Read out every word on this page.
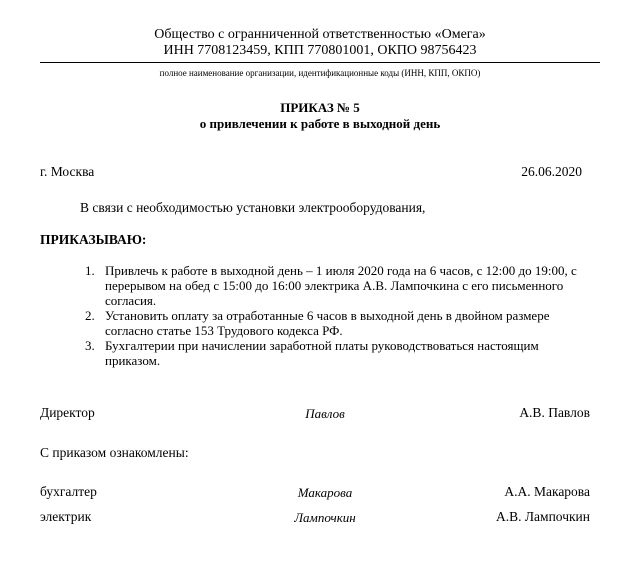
Общество с огранниченной ответственностью «Омега»
ИНН 7708123459, КПП 770801001, ОКПО 98756423
полное наименование организации, идентификационные коды (ИНН, КПП, ОКПО)
ПРИКАЗ № 5
о привлечении к работе в выходной день
г. Москва	26.06.2020
В связи с необходимостью установки электрооборудования,
ПРИКАЗЫВАЮ:
1. Привлечь к работе в выходной день – 1 июля 2020 года на 6 часов, с 12:00 до 19:00, с
перерывом на обед с 15:00 до 16:00 электрика А.В. Лампочкина с его письменного
согласия.
2. Установить оплату за отработанные 6 часов в выходной день в двойном размере
согласно статье 153 Трудового кодекса РФ.
3. Бухгалтерии при начислении заработной платы руководствоваться настоящим
приказом.
Директор	Павлов	А.В. Павлов
С приказом ознакомлены:
бухгалтер	Макарова	А.А. Макарова
электрик	Лампочкин	А.В. Лампочкин
